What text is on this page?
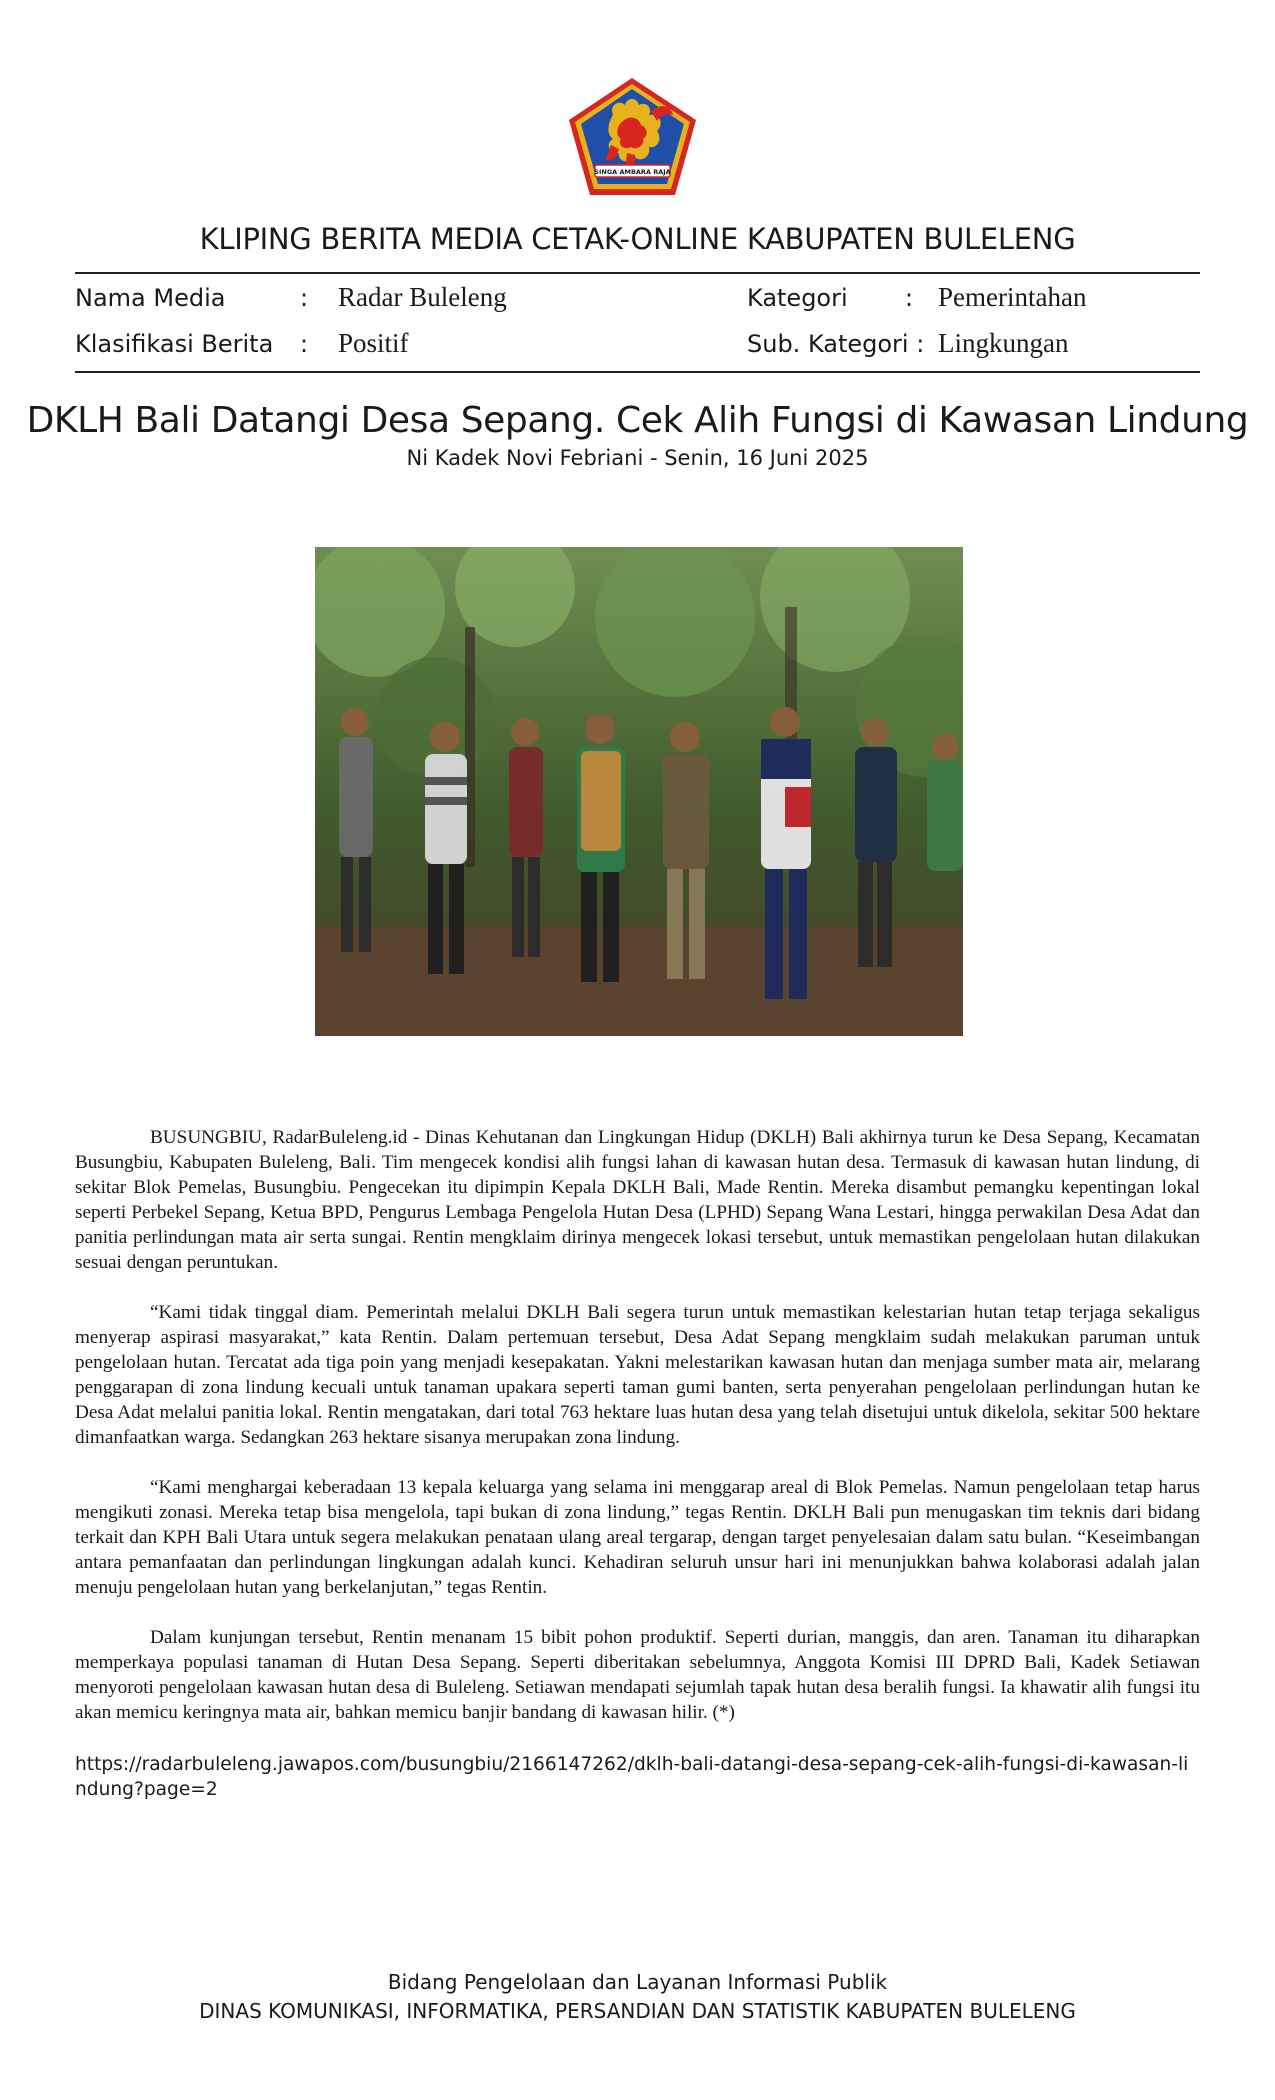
SINGA AMBARA RAJA
KLIPING BERITA MEDIA CETAK-ONLINE KABUPATEN BULELENG
Nama Media	: Radar Buleleng	Kategori : Pemerintahan
Klasifikasi Berita : Positif	Sub. Kategori : Lingkungan
DKLH Bali Datangi Desa Sepang. Cek Alih Fungsi di Kawasan Lindung
Ni Kadek Novi Febriani - Senin, 16 Juni 2025

BUSUNGBIU, RadarBuleleng.id - Dinas Kehutanan dan Lingkungan Hidup (DKLH) Bali akhirnya turun ke Desa Sepang, Kecamatan Busungbiu, Kabupaten Buleleng, Bali. Tim mengecek kondisi alih fungsi lahan di kawasan hutan desa. Termasuk di kawasan hutan lindung, di sekitar Blok Pemelas, Busungbiu. Pengecekan itu dipimpin Kepala DKLH Bali, Made Rentin. Mereka disambut pemangku kepentingan lokal seperti Perbekel Sepang, Ketua BPD, Pengurus Lembaga Pengelola Hutan Desa (LPHD) Sepang Wana Lestari, hingga perwakilan Desa Adat dan panitia perlindungan mata air serta sungai. Rentin mengklaim dirinya mengecek lokasi tersebut, untuk memastikan pengelolaan hutan dilakukan sesuai dengan peruntukan.

“Kami tidak tinggal diam. Pemerintah melalui DKLH Bali segera turun untuk memastikan kelestarian hutan tetap terjaga sekaligus menyerap aspirasi masyarakat,” kata Rentin. Dalam pertemuan tersebut, Desa Adat Sepang mengklaim sudah melakukan paruman untuk pengelolaan hutan. Tercatat ada tiga poin yang menjadi kesepakatan. Yakni melestarikan kawasan hutan dan menjaga sumber mata air, melarang penggarapan di zona lindung kecuali untuk tanaman upakara seperti taman gumi banten, serta penyerahan pengelolaan perlindungan hutan ke Desa Adat melalui panitia lokal. Rentin mengatakan, dari total 763 hektare luas hutan desa yang telah disetujui untuk dikelola, sekitar 500 hektare dimanfaatkan warga. Sedangkan 263 hektare sisanya merupakan zona lindung.

“Kami menghargai keberadaan 13 kepala keluarga yang selama ini menggarap areal di Blok Pemelas. Namun pengelolaan tetap harus mengikuti zonasi. Mereka tetap bisa mengelola, tapi bukan di zona lindung,” tegas Rentin. DKLH Bali pun menugaskan tim teknis dari bidang terkait dan KPH Bali Utara untuk segera melakukan penataan ulang areal tergarap, dengan target penyelesaian dalam satu bulan. “Keseimbangan antara pemanfaatan dan perlindungan lingkungan adalah kunci. Kehadiran seluruh unsur hari ini menunjukkan bahwa kolaborasi adalah jalan menuju pengelolaan hutan yang berkelanjutan,” tegas Rentin.

Dalam kunjungan tersebut, Rentin menanam 15 bibit pohon produktif. Seperti durian, manggis, dan aren. Tanaman itu diharapkan memperkaya populasi tanaman di Hutan Desa Sepang. Seperti diberitakan sebelumnya, Anggota Komisi III DPRD Bali, Kadek Setiawan menyoroti pengelolaan kawasan hutan desa di Buleleng. Setiawan mendapati sejumlah tapak hutan desa beralih fungsi. Ia khawatir alih fungsi itu akan memicu keringnya mata air, bahkan memicu banjir bandang di kawasan hilir. (*)

https://radarbuleleng.jawapos.com/busungbiu/2166147262/dklh-bali-datangi-desa-sepang-cek-alih-fungsi-di-kawasan-lindung?page=2
Bidang Pengelolaan dan Layanan Informasi Publik
DINAS KOMUNIKASI, INFORMATIKA, PERSANDIAN DAN STATISTIK KABUPATEN BULELENG
